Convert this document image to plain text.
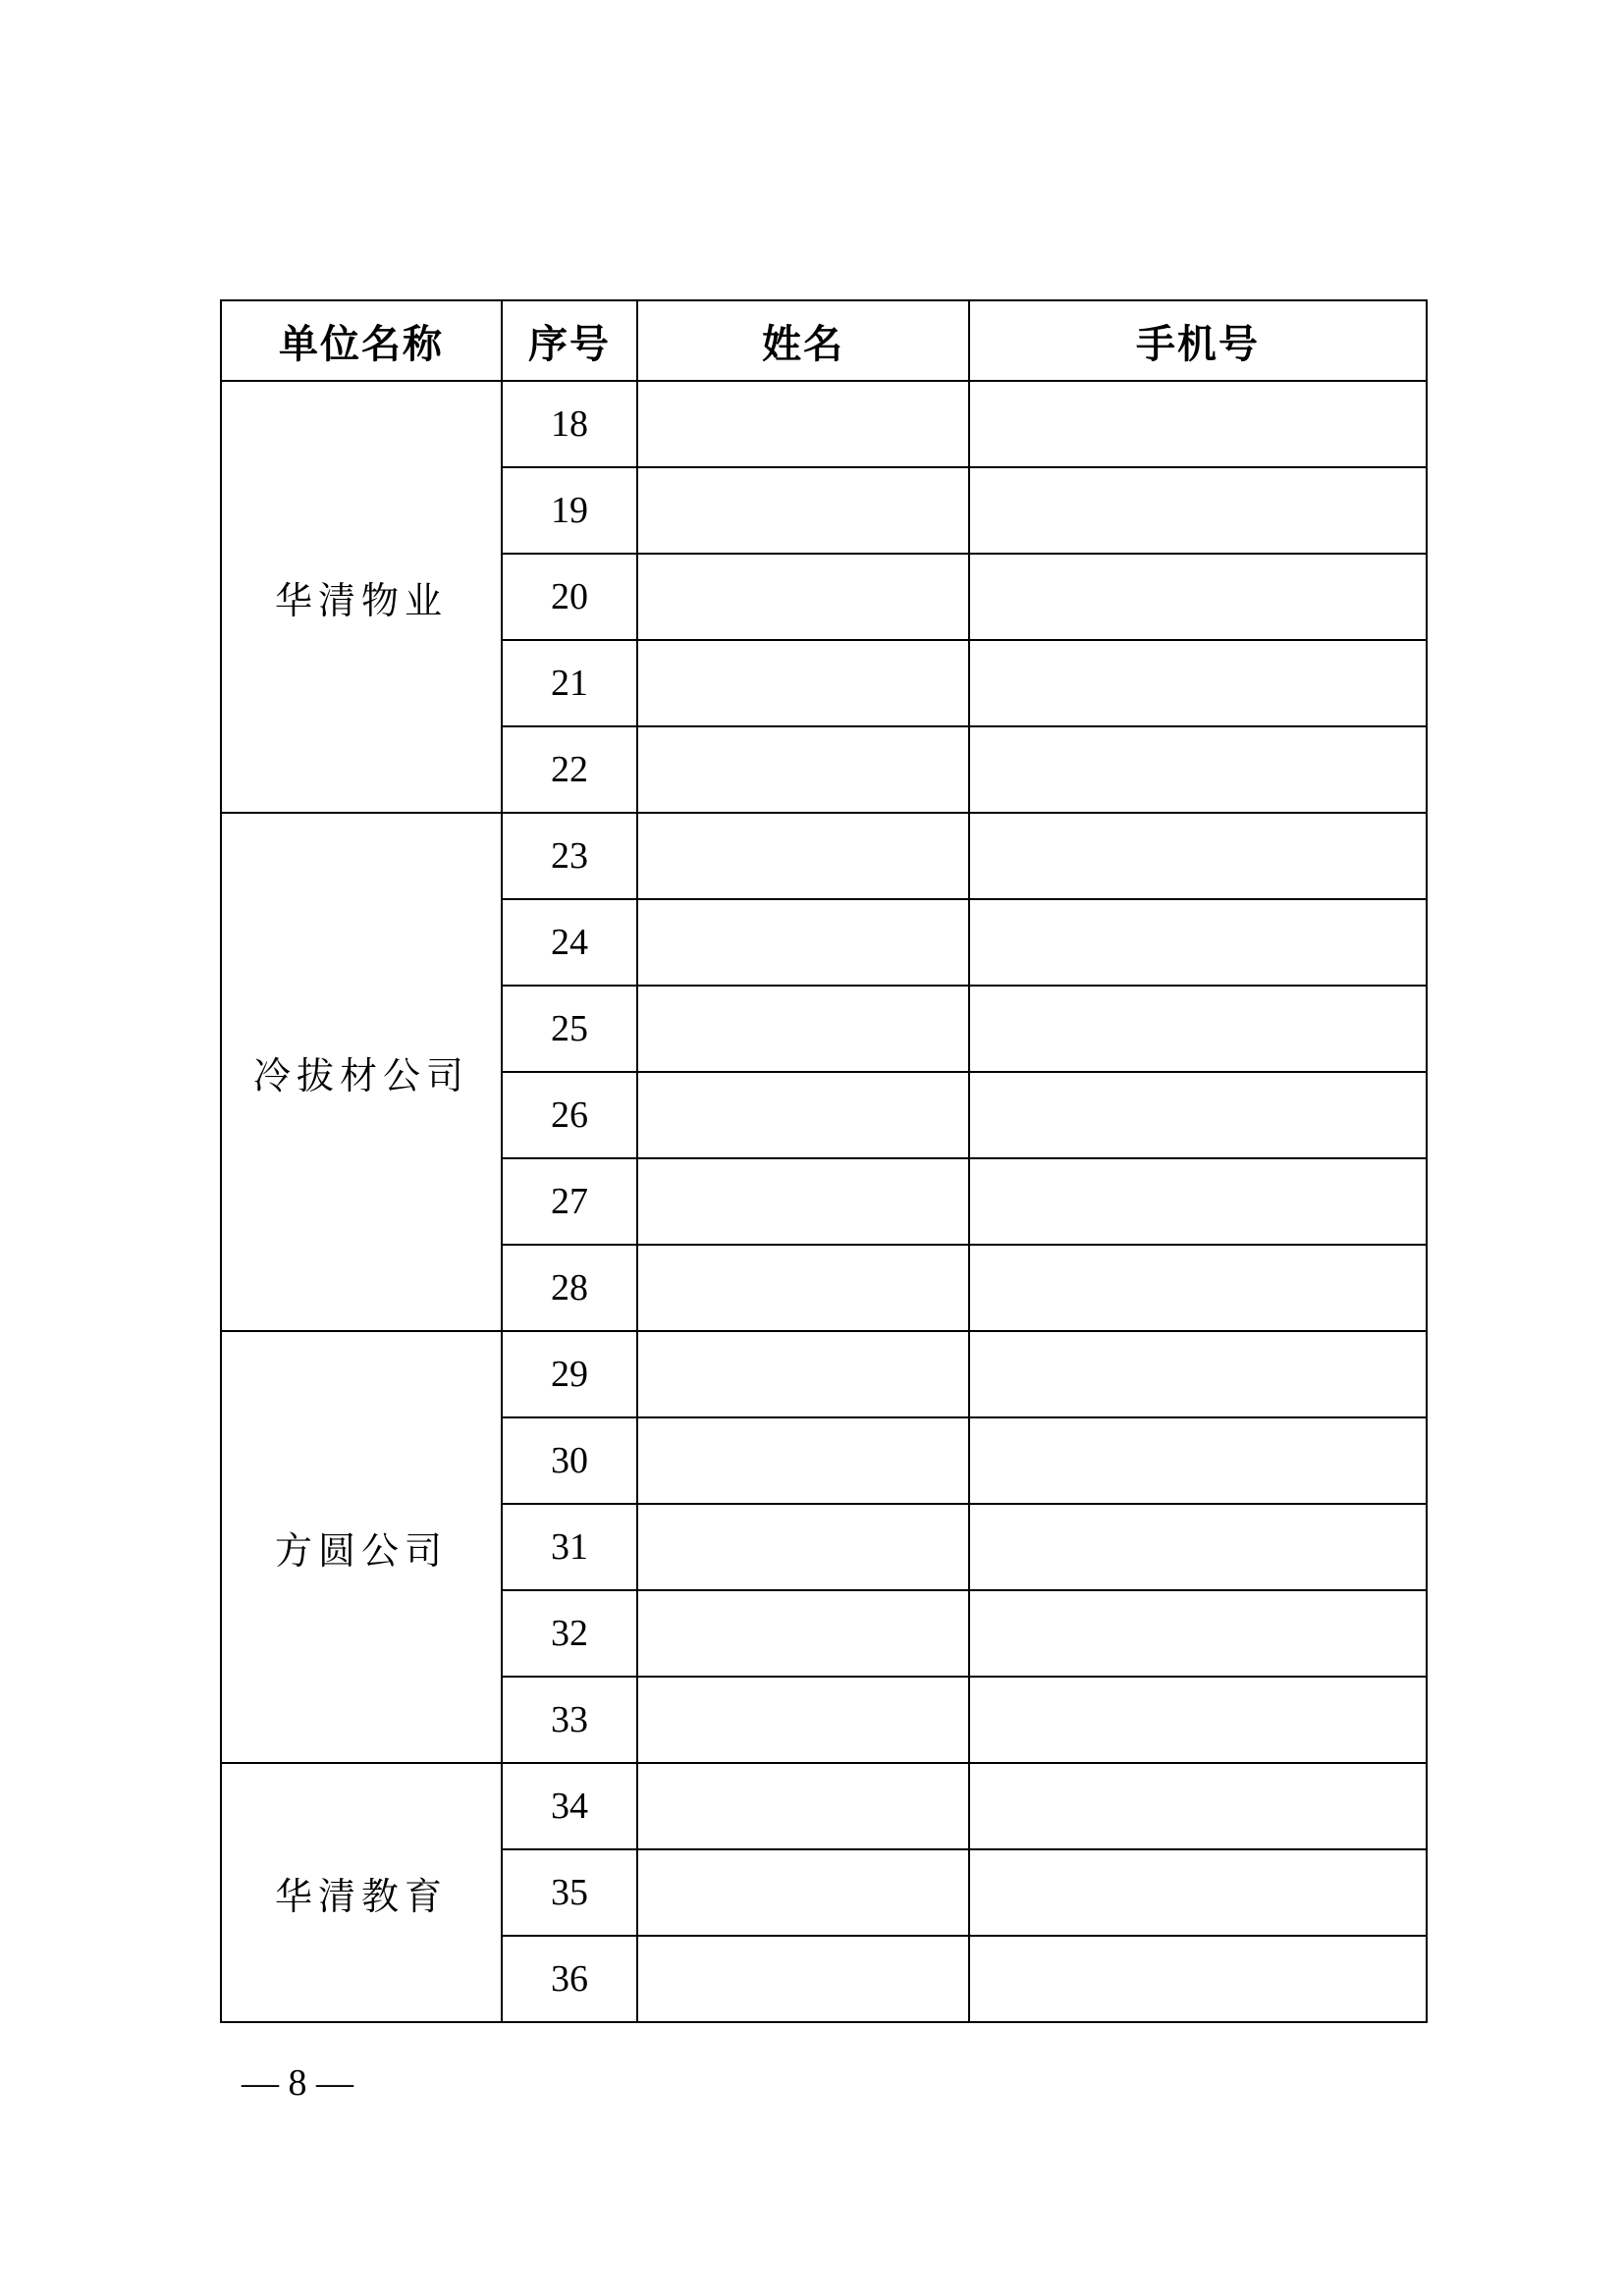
单位名称	序号	姓名	手机号
华清物业	18		
	19		
	20		
	21		
	22		
冷拔材公司	23		
	24		
	25		
	26		
	27		
	28		
方圆公司	29		
	30		
	31		
	32		
	33		
华清教育	34		
	35		
	36		
— 8 —
